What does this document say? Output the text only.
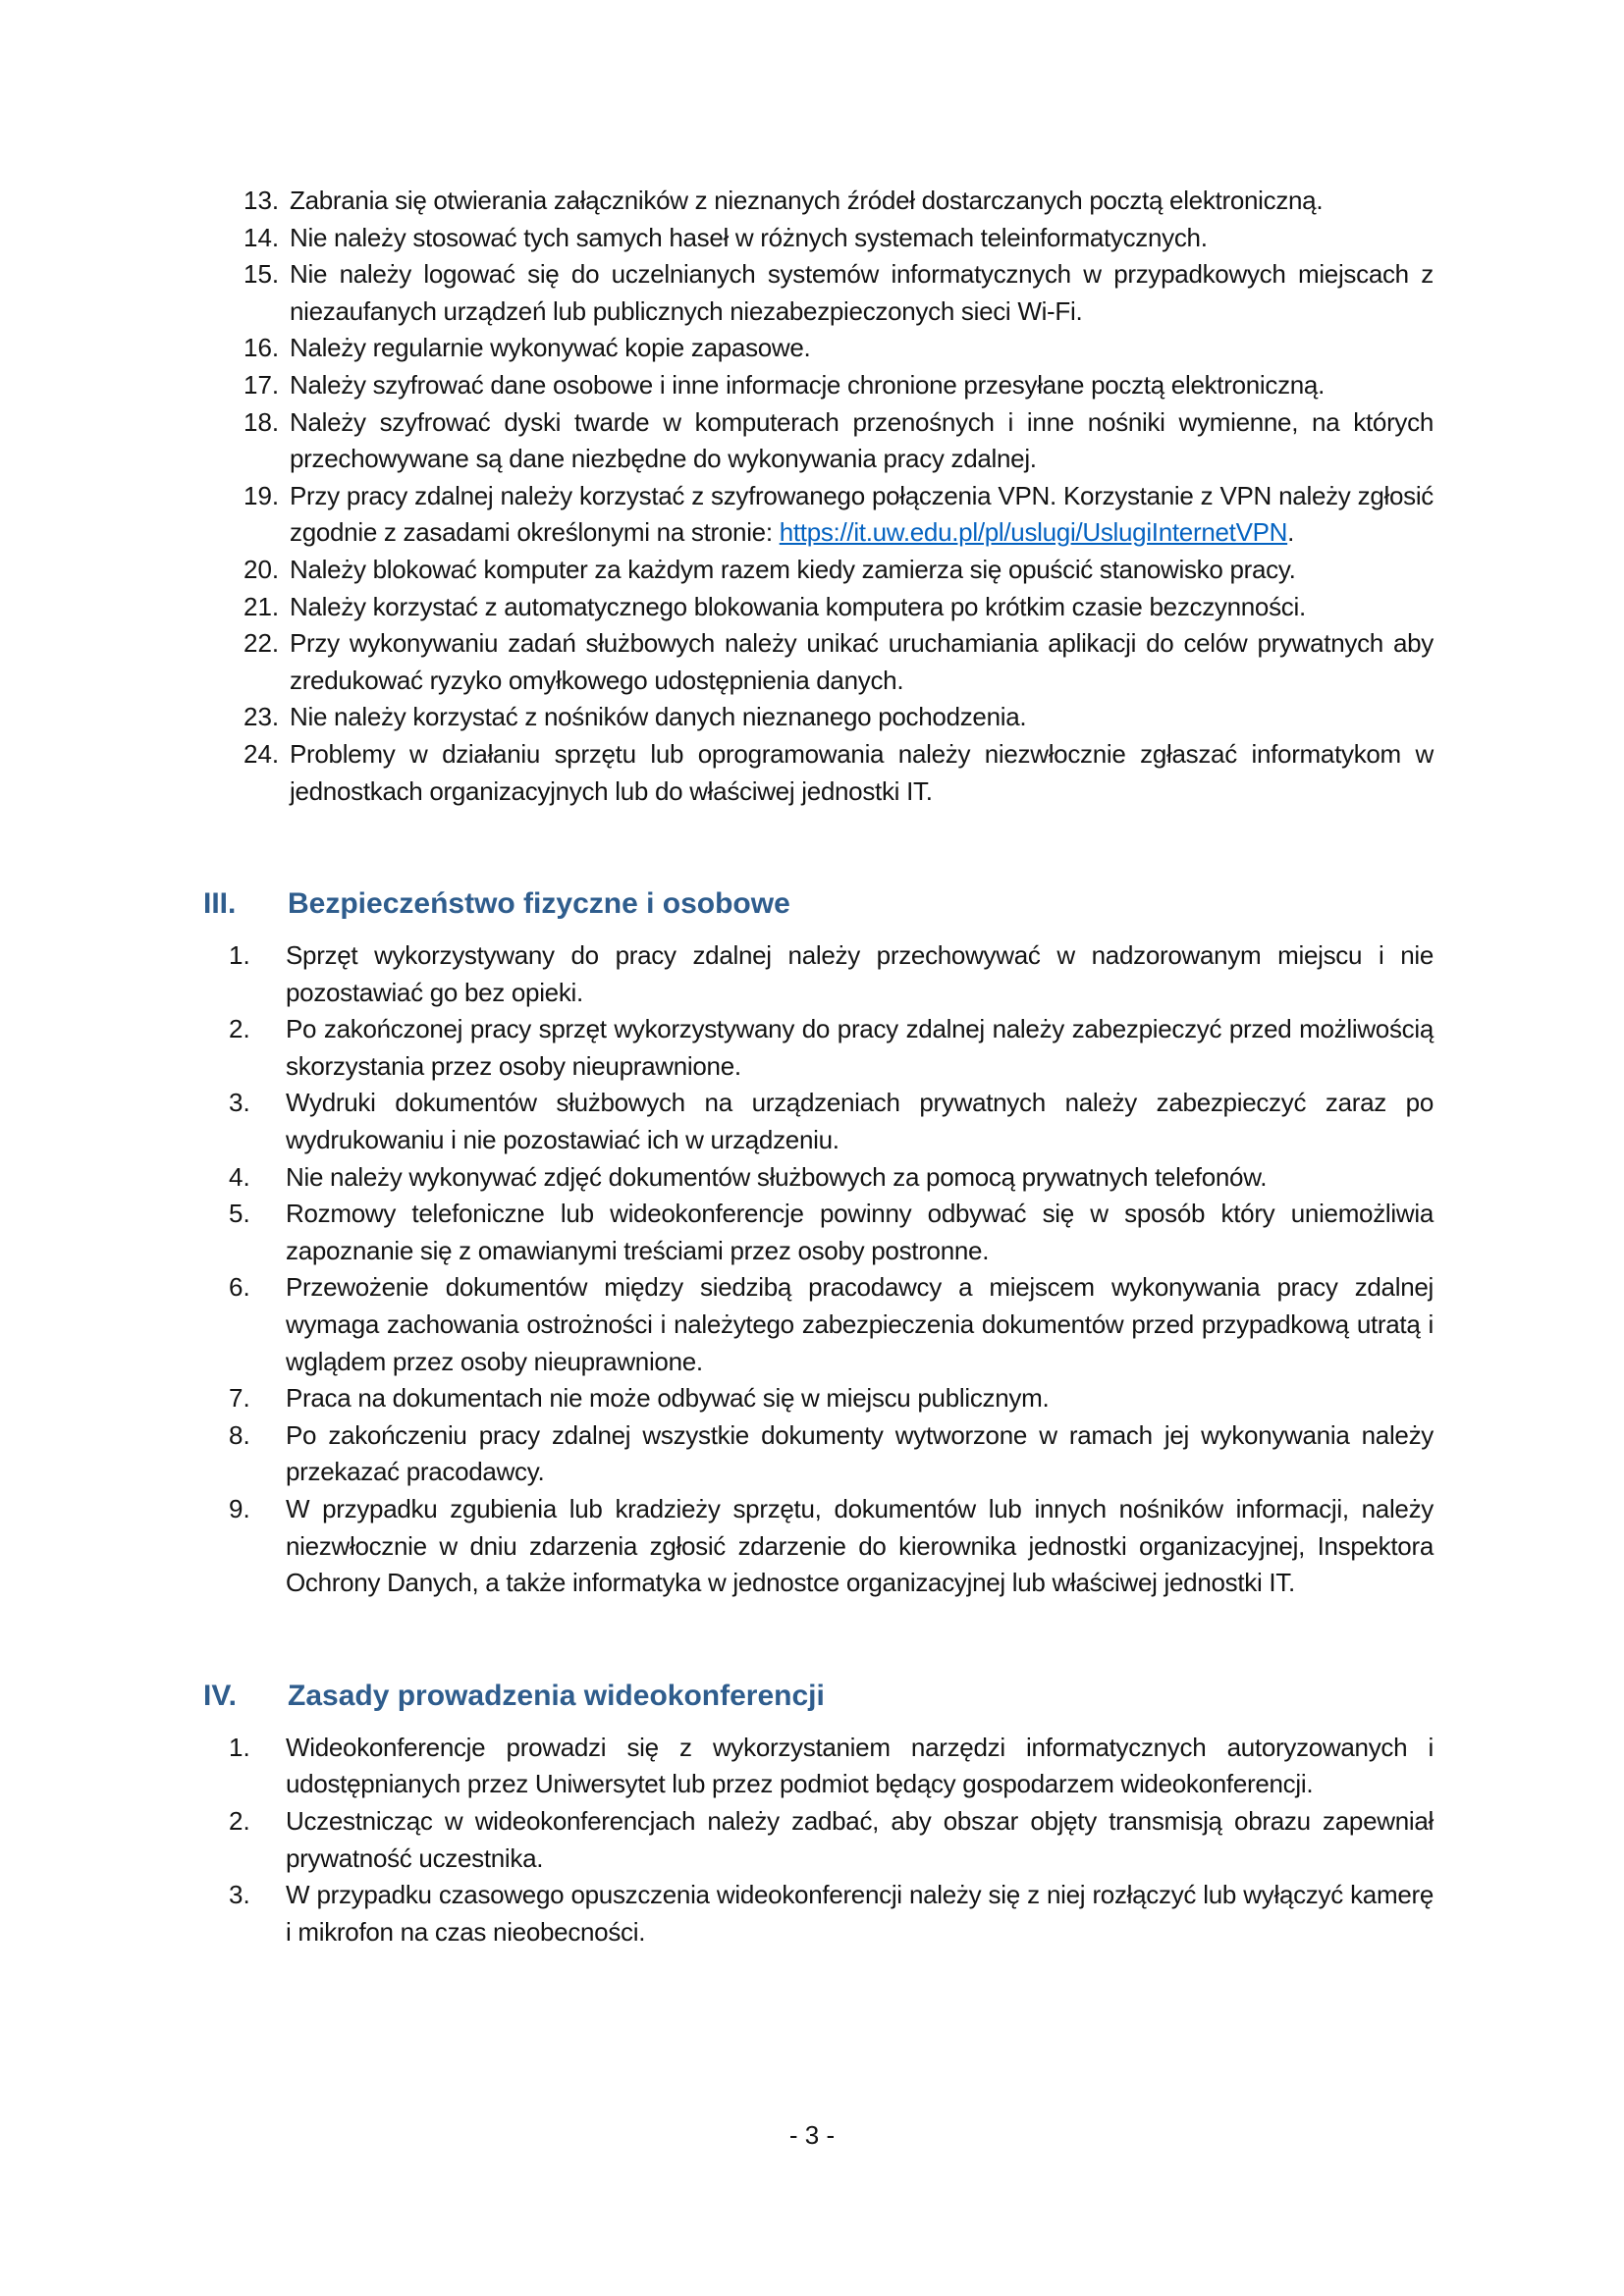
13. Zabrania się otwierania załączników z nieznanych źródeł dostarczanych pocztą elektroniczną.
14. Nie należy stosować tych samych haseł w różnych systemach teleinformatycznych.
15. Nie należy logować się do uczelnianych systemów informatycznych w przypadkowych miejscach z niezaufanych urządzeń lub publicznych niezabezpieczonych sieci Wi-Fi.
16. Należy regularnie wykonywać kopie zapasowe.
17. Należy szyfrować dane osobowe i inne informacje chronione przesyłane pocztą elektroniczną.
18. Należy szyfrować dyski twarde w komputerach przenośnych i inne nośniki wymienne, na których przechowywane są dane niezbędne do wykonywania pracy zdalnej.
19. Przy pracy zdalnej należy korzystać z szyfrowanego połączenia VPN. Korzystanie z VPN należy zgłosić zgodnie z zasadami określonymi na stronie: https://it.uw.edu.pl/pl/uslugi/UslugiInternetVPN.
20. Należy blokować komputer za każdym razem kiedy zamierza się opuścić stanowisko pracy.
21. Należy korzystać z automatycznego blokowania komputera po krótkim czasie bezczynności.
22. Przy wykonywaniu zadań służbowych należy unikać uruchamiania aplikacji do celów prywatnych aby zredukować ryzyko omyłkowego udostępnienia danych.
23. Nie należy korzystać z nośników danych nieznanego pochodzenia.
24. Problemy w działaniu sprzętu lub oprogramowania należy niezwłocznie zgłaszać informatykom w jednostkach organizacyjnych lub do właściwej jednostki IT.
III.	Bezpieczeństwo fizyczne i osobowe
1. Sprzęt wykorzystywany do pracy zdalnej należy przechowywać w nadzorowanym miejscu i nie pozostawiać go bez opieki.
2. Po zakończonej pracy sprzęt wykorzystywany do pracy zdalnej należy zabezpieczyć przed możliwością skorzystania przez osoby nieuprawnione.
3. Wydruki dokumentów służbowych na urządzeniach prywatnych należy zabezpieczyć zaraz po wydrukowaniu i nie pozostawiać ich w urządzeniu.
4. Nie należy wykonywać zdjęć dokumentów służbowych za pomocą prywatnych telefonów.
5. Rozmowy telefoniczne lub wideokonferencje powinny odbywać się w sposób który uniemożliwia zapoznanie się z omawianymi treściami przez osoby postronne.
6. Przewożenie dokumentów między siedzibą pracodawcy a miejscem wykonywania pracy zdalnej wymaga zachowania ostrożności i należytego zabezpieczenia dokumentów przed przypadkową utratą i wglądem przez osoby nieuprawnione.
7. Praca na dokumentach nie może odbywać się w miejscu publicznym.
8. Po zakończeniu pracy zdalnej wszystkie dokumenty wytworzone w ramach jej wykonywania należy przekazać pracodawcy.
9. W przypadku zgubienia lub kradzieży sprzętu, dokumentów lub innych nośników informacji, należy niezwłocznie w dniu zdarzenia zgłosić zdarzenie do kierownika jednostki organizacyjnej, Inspektora Ochrony Danych, a także informatyka w jednostce organizacyjnej lub właściwej jednostki IT.
IV.	Zasady prowadzenia wideokonferencji
1. Wideokonferencje prowadzi się z wykorzystaniem narzędzi informatycznych autoryzowanych i udostępnianych przez Uniwersytet lub przez podmiot będący gospodarzem wideokonferencji.
2. Uczestnicząc w wideokonferencjach należy zadbać, aby obszar objęty transmisją obrazu zapewniał prywatność uczestnika.
3. W przypadku czasowego opuszczenia wideokonferencji należy się z niej rozłączyć lub wyłączyć kamerę i mikrofon na czas nieobecności.
- 3 -
